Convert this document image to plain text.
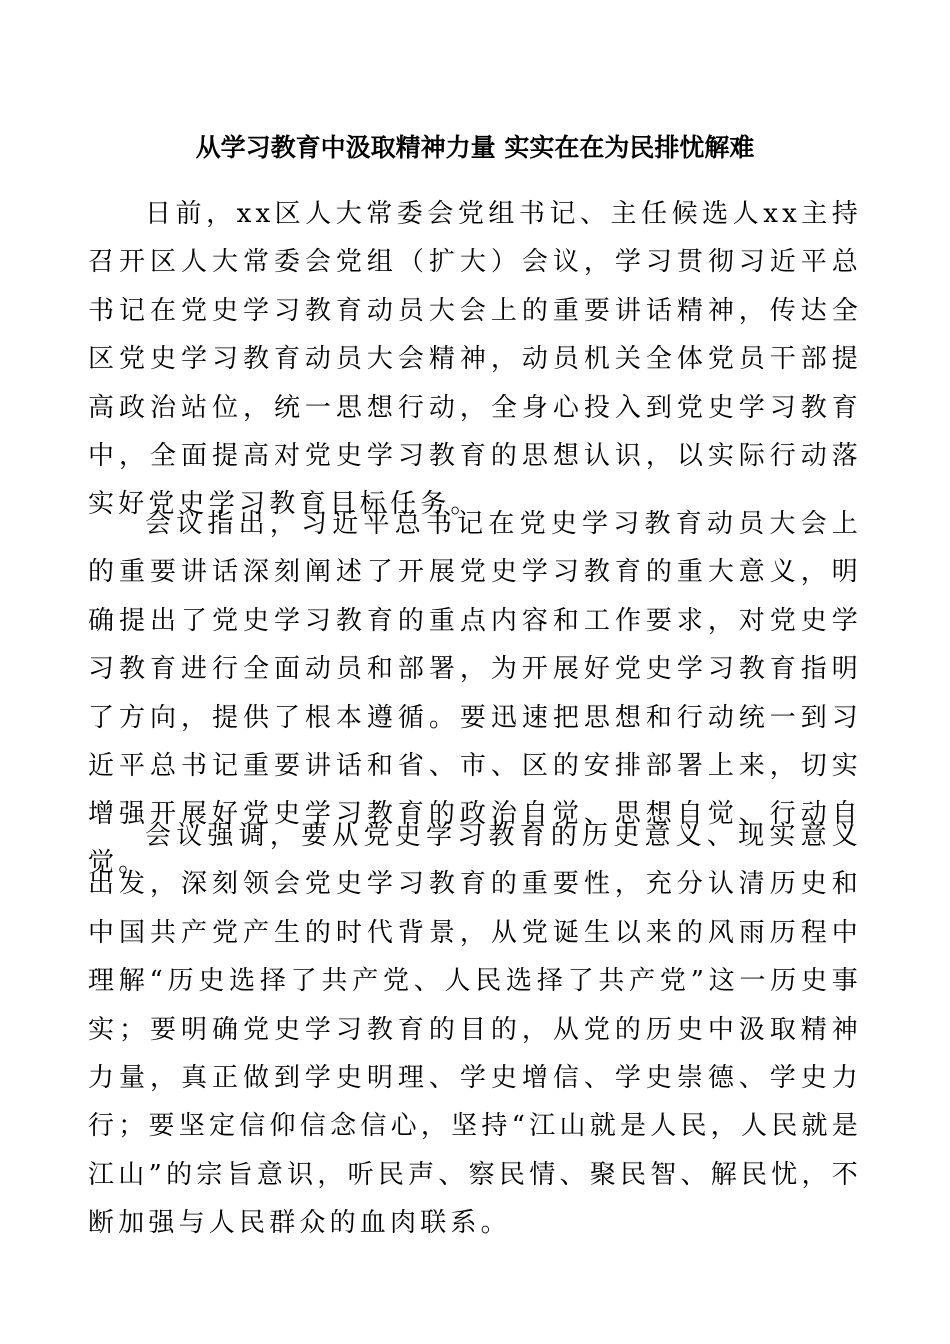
从学习教育中汲取精神力量 实实在在为民排忧解难

日前，xx区人大常委会党组书记、主任候选人xx主持召开区人大常委会党组（扩大）会议，学习贯彻习近平总书记在党史学习教育动员大会上的重要讲话精神，传达全区党史学习教育动员大会精神，动员机关全体党员干部提高政治站位，统一思想行动，全身心投入到党史学习教育中，全面提高对党史学习教育的思想认识，以实际行动落实好党史学习教育目标任务。

会议指出，习近平总书记在党史学习教育动员大会上的重要讲话深刻阐述了开展党史学习教育的重大意义，明确提出了党史学习教育的重点内容和工作要求，对党史学习教育进行全面动员和部署，为开展好党史学习教育指明了方向，提供了根本遵循。要迅速把思想和行动统一到习近平总书记重要讲话和省、市、区的安排部署上来，切实增强开展好党史学习教育的政治自觉、思想自觉、行动自觉。

会议强调，要从党史学习教育的历史意义、现实意义出发，深刻领会党史学习教育的重要性，充分认清历史和中国共产党产生的时代背景，从党诞生以来的风雨历程中理解“历史选择了共产党、人民选择了共产党”这一历史事实；要明确党史学习教育的目的，从党的历史中汲取精神力量，真正做到学史明理、学史增信、学史崇德、学史力行；要坚定信仰信念信心，坚持“江山就是人民，人民就是江山”的宗旨意识，听民声、察民情、聚民智、解民忧，不断加强与人民群众的血肉联系。
